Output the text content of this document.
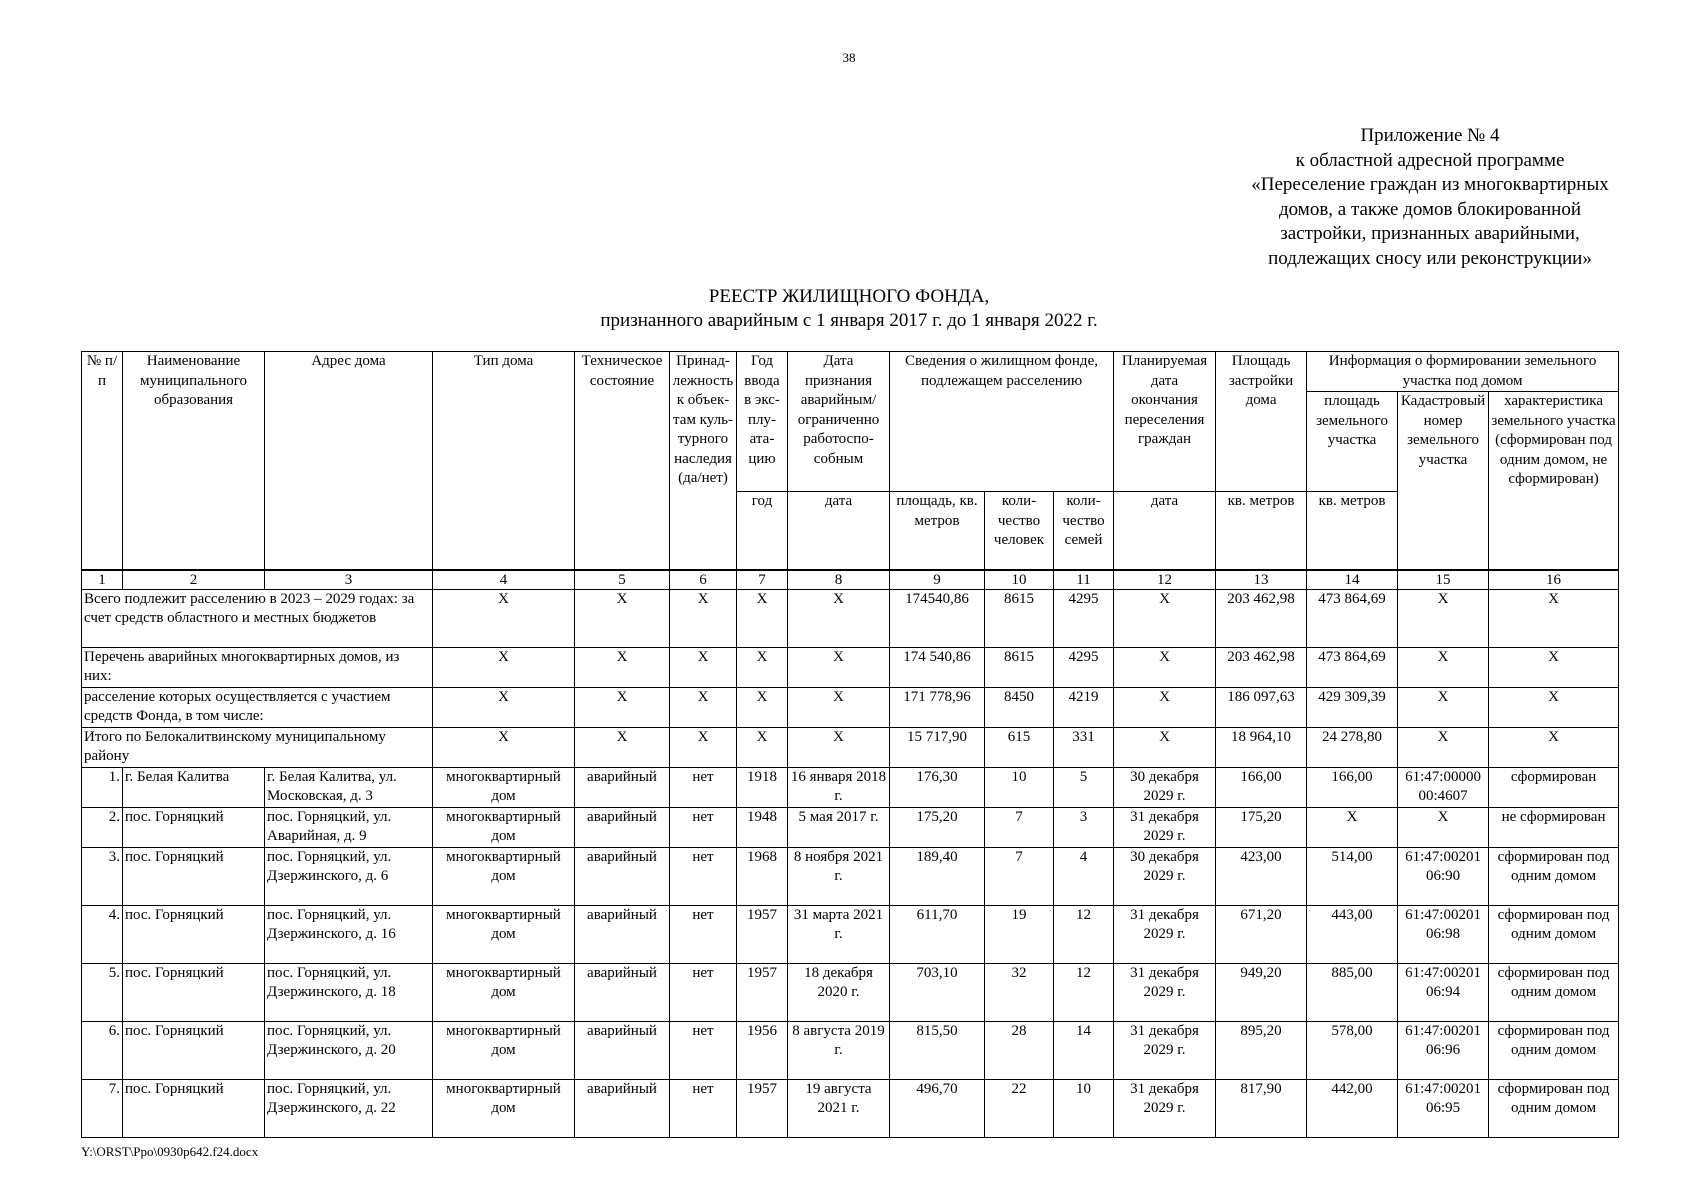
38
Приложение № 4
к областной адресной программе
«Переселение граждан из многоквартирных
домов, а также домов блокированной
застройки, признанных аварийными,
подлежащих сносу или реконструкции»
РЕЕСТР ЖИЛИЩНОГО ФОНДА,
признанного аварийным с 1 января 2017 г. до 1 января 2022 г.
№ п/п	Наименование муниципального образования	Адрес дома	Тип дома	Техническое состояние	Принадлежность к объектам культурного наследия (да/нет)	Год ввода в эксплуатацию	Дата признания аварийным/ ограниченно работоспособным	Сведения о жилищном фонде, подлежащем расселению			Планируемая дата окончания переселения граждан	Площадь застройки дома	Информация о формировании земельного участка под домом		
													площадь земельного участка	Кадастровый номер земельного участка	характеристика земельного участка (сформирован под одним домом, не сформирован)
						год	дата	площадь, кв. метров	количество человек	количество семей	дата	кв. метров	кв. метров		
1	2	3	4	5	6	7	8	9	10	11	12	13	14	15	16
Всего подлежит расселению в 2023 – 2029 годах: за счет средств областного и местных бюджетов			Х	Х	Х	Х	Х	174540,86	8615	4295	Х	203 462,98	473 864,69	Х	Х
Перечень аварийных многоквартирных домов, из них:			Х	Х	Х	Х	Х	174 540,86	8615	4295	Х	203 462,98	473 864,69	Х	Х
расселение которых осуществляется с участием средств Фонда, в том числе:			Х	Х	Х	Х	Х	171 778,96	8450	4219	Х	186 097,63	429 309,39	Х	Х
Итого по Белокалитвинскому муниципальному району			Х	Х	Х	Х	Х	15 717,90	615	331	Х	18 964,10	24 278,80	Х	Х
1.	г. Белая Калитва	г. Белая Калитва, ул. Московская, д. 3	многоквартирный дом	аварийный	нет	1918	16 января 2018 г.	176,30	10	5	30 декабря 2029 г.	166,00	166,00	61:47:00000 00:4607	сформирован
2.	пос. Горняцкий	пос. Горняцкий, ул. Аварийная, д. 9	многоквартирный дом	аварийный	нет	1948	5 мая 2017 г.	175,20	7	3	31 декабря 2029 г.	175,20	Х	Х	не сформирован
3.	пос. Горняцкий	пос. Горняцкий, ул. Дзержинского, д. 6	многоквартирный дом	аварийный	нет	1968	8 ноября 2021 г.	189,40	7	4	30 декабря 2029 г.	423,00	514,00	61:47:00201 06:90	сформирован под одним домом
4.	пос. Горняцкий	пос. Горняцкий, ул. Дзержинского, д. 16	многоквартирный дом	аварийный	нет	1957	31 марта 2021 г.	611,70	19	12	31 декабря 2029 г.	671,20	443,00	61:47:00201 06:98	сформирован под одним домом
5.	пос. Горняцкий	пос. Горняцкий, ул. Дзержинского, д. 18	многоквартирный дом	аварийный	нет	1957	18 декабря 2020 г.	703,10	32	12	31 декабря 2029 г.	949,20	885,00	61:47:00201 06:94	сформирован под одним домом
6.	пос. Горняцкий	пос. Горняцкий, ул. Дзержинского, д. 20	многоквартирный дом	аварийный	нет	1956	8 августа 2019 г.	815,50	28	14	31 декабря 2029 г.	895,20	578,00	61:47:00201 06:96	сформирован под одним домом
7.	пос. Горняцкий	пос. Горняцкий, ул. Дзержинского, д. 22	многоквартирный дом	аварийный	нет	1957	19 августа 2021 г.	496,70	22	10	31 декабря 2029 г.	817,90	442,00	61:47:00201 06:95	сформирован под одним домом
Y:\ORST\Ppo\0930p642.f24.docx
